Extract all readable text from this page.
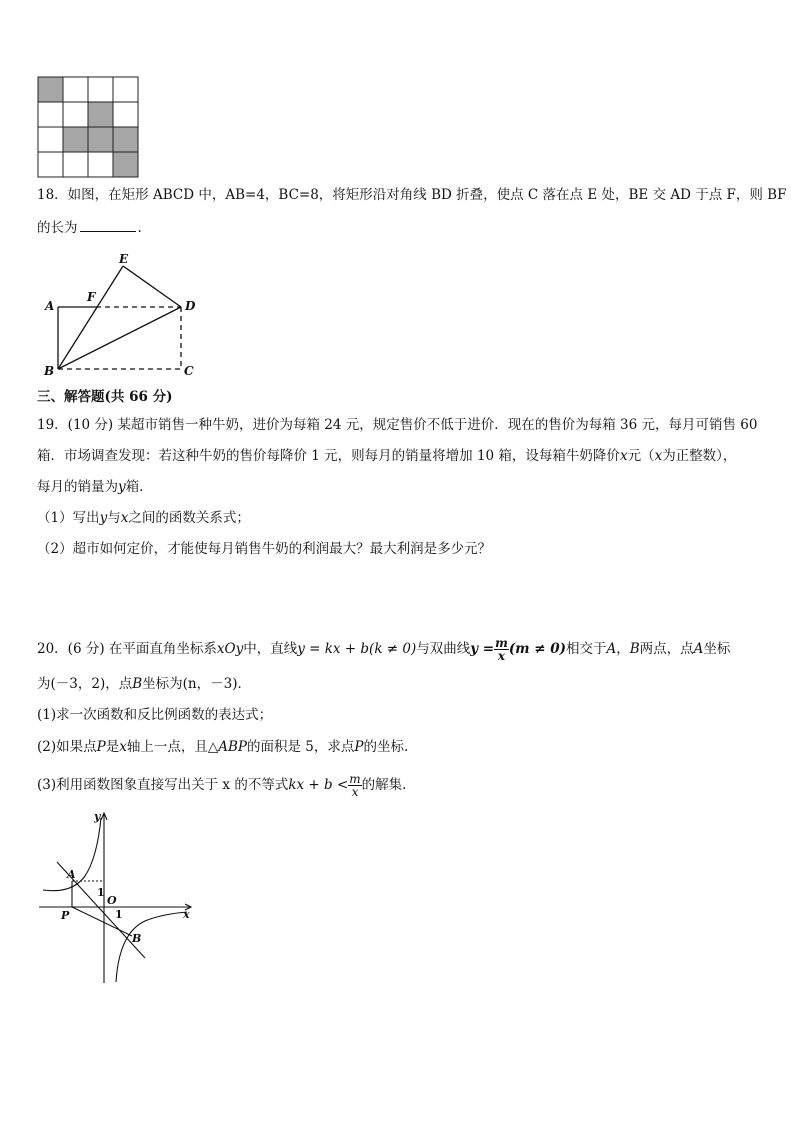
18．如图，在矩形 ABCD 中，AB=4，BC=8，将矩形沿对角线 BD 折叠，使点 C 落在点 E 处，BE 交 AD 于点 F，则 BF
的长为	.
A
B	C
D
E
F
三、解答题(共 66 分)
19．(10 分) 某超市销售一种牛奶，进价为每箱 24 元，规定售价不低于进价．现在的售价为每箱 36 元，每月可销售 60
箱．市场调查发现：若这种牛奶的售价每降价 1 元，则每月的销量将增加 10 箱，设每箱牛奶降价x元（x为正整数），
每月的销量为y箱．
（1）写出y与x之间的函数关系式；
（2）超市如何定价，才能使每月销售牛奶的利润最大？最大利润是多少元？
20．(6 分) 在平面直角坐标系xOy中，直线y = kx + b(k ≠ 0)与双曲线$y = \frac{m}{x} (m \ne 0)$相交于A，B两点，点A坐标
为(－3，2)，点B坐标为(n，－3)．
(1)求一次函数和反比例函数的表达式；
(2)如果点P是x轴上一点，且△ABP的面积是 5，求点P的坐标.
(3)利用函数图象直接写出关于 x 的不等式kx + $b < \frac{m}{x}$ 的解集.
y
x
O
1
1
A
B
P
